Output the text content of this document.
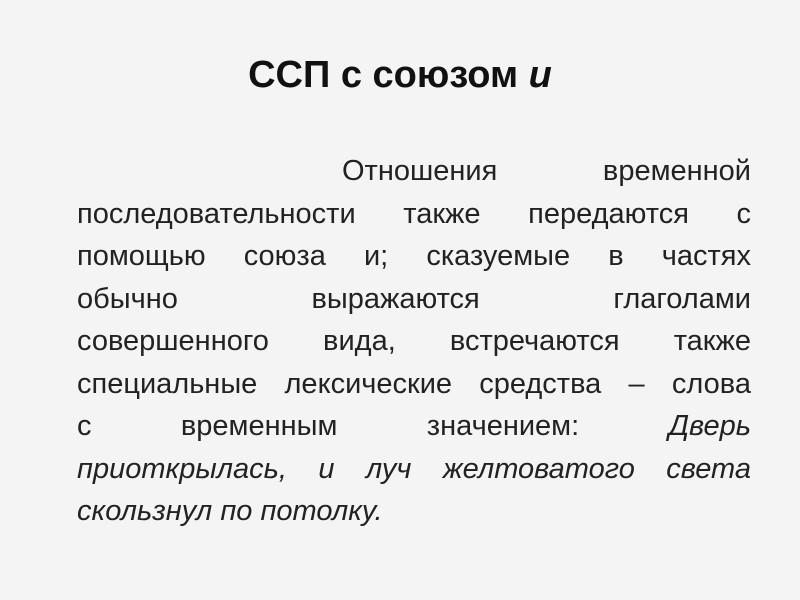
ССП с союзом и
Отношения	временной
последовательности также передаются с
помощью союза и; сказуемые в частях
обычно	выражаются	глаголами
совершенного вида, встречаются также
специальные лексические средства – слова
с	временным	значением:	Дверь
приоткрылась, и луч желтоватого света
скользнул по потолку.
